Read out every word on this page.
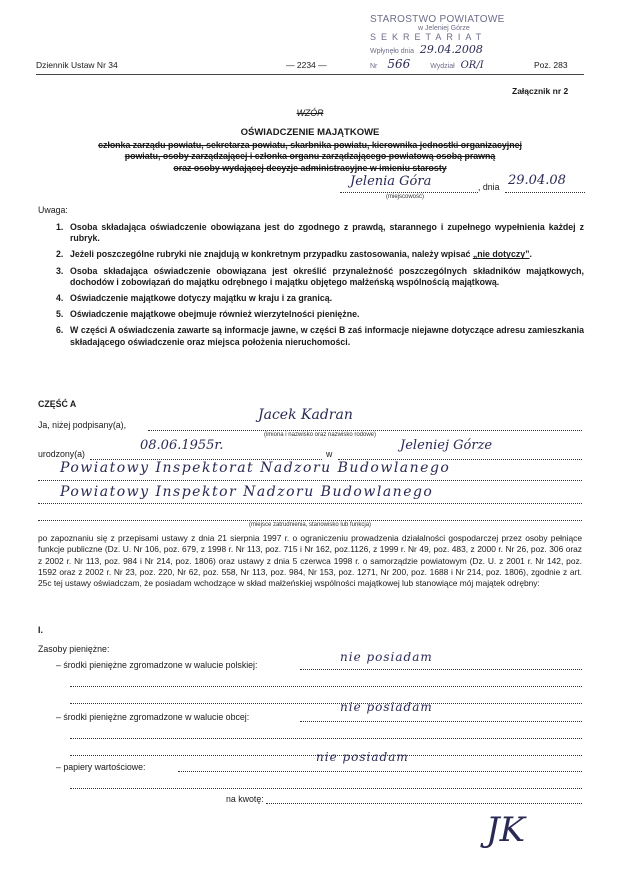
Dziennik Ustaw Nr 34	— 2234 —	Poz. 283
Załącznik nr 2
STAROSTWO POWIATOWE
w Jeleniej Górze
SEKRETARIAT
Wpłynęło dnia 29.04.2008
Nr 566	Wydział OR/I
WZÓR
OŚWIADCZENIE MAJĄTKOWE
członka zarządu powiatu, sekretarza powiatu, skarbnika powiatu, kierownika jednostki organizacyjnej
powiatu, osoby zarządzającej i członka organu zarządzającego powiatową osobą prawną
oraz osoby wydającej decyzje administracyjne w imieniu starosty
Jelenia Góra	, dnia 29.04.08
(miejscowość)
Uwaga:
1. Osoba składająca oświadczenie obowiązana jest do zgodnego z prawdą, starannego i zupełnego wypełnienia każdej z rubryk.
2. Jeżeli poszczególne rubryki nie znajdują w konkretnym przypadku zastosowania, należy wpisać „nie dotyczy”.
3. Osoba składająca oświadczenie obowiązana jest określić przynależność poszczególnych składników majątkowych, dochodów i zobowiązań do majątku odrębnego i majątku objętego małżeńską wspólnością majątkową.
4. Oświadczenie majątkowe dotyczy majątku w kraju i za granicą.
5. Oświadczenie majątkowe obejmuje również wierzytelności pieniężne.
6. W części A oświadczenia zawarte są informacje jawne, w części B zaś informacje niejawne dotyczące adresu zamieszkania składającego oświadczenie oraz miejsca położenia nieruchomości.
CZĘŚĆ A
Ja, niżej podpisany(a),
Jacek Kadran
(imiona i nazwisko oraz nazwisko rodowe)
urodzony(a)
08.06.1955r.
w
Jeleniej Górze
Powiatowy Inspektorat Nadzoru Budowlanego
Powiatowy Inspektor Nadzoru Budowlanego
(miejsce zatrudnienia, stanowisko lub funkcja)
po zapoznaniu się z przepisami ustawy z dnia 21 sierpnia 1997 r. o ograniczeniu prowadzenia działalności gospodarczej przez osoby pełniące funkcje publiczne (Dz. U. Nr 106, poz. 679, z 1998 r. Nr 113, poz. 715 i Nr 162, poz.1126, z 1999 r. Nr 49, poz. 483, z 2000 r. Nr 26, poz. 306 oraz z 2002 r. Nr 113, poz. 984 i Nr 214, poz. 1806) oraz ustawy z dnia 5 czerwca 1998 r. o samorządzie powiatowym (Dz. U. z 2001 r. Nr 142, poz. 1592 oraz z 2002 r. Nr 23, poz. 220, Nr 62, poz. 558, Nr 113, poz. 984, Nr 153, poz. 1271, Nr 200, poz. 1688 i Nr 214, poz. 1806), zgodnie z art. 25c tej ustawy oświadczam, że posiadam wchodzące w skład małżeńskiej wspólności majątkowej lub stanowiące mój majątek odrębny:
I.
Zasoby pieniężne:
– środki pieniężne zgromadzone w walucie polskiej:
nie posiadam
– środki pieniężne zgromadzone w walucie obcej:
nie posiadam
– papiery wartościowe:
nie posiadam
na kwotę:
JK
